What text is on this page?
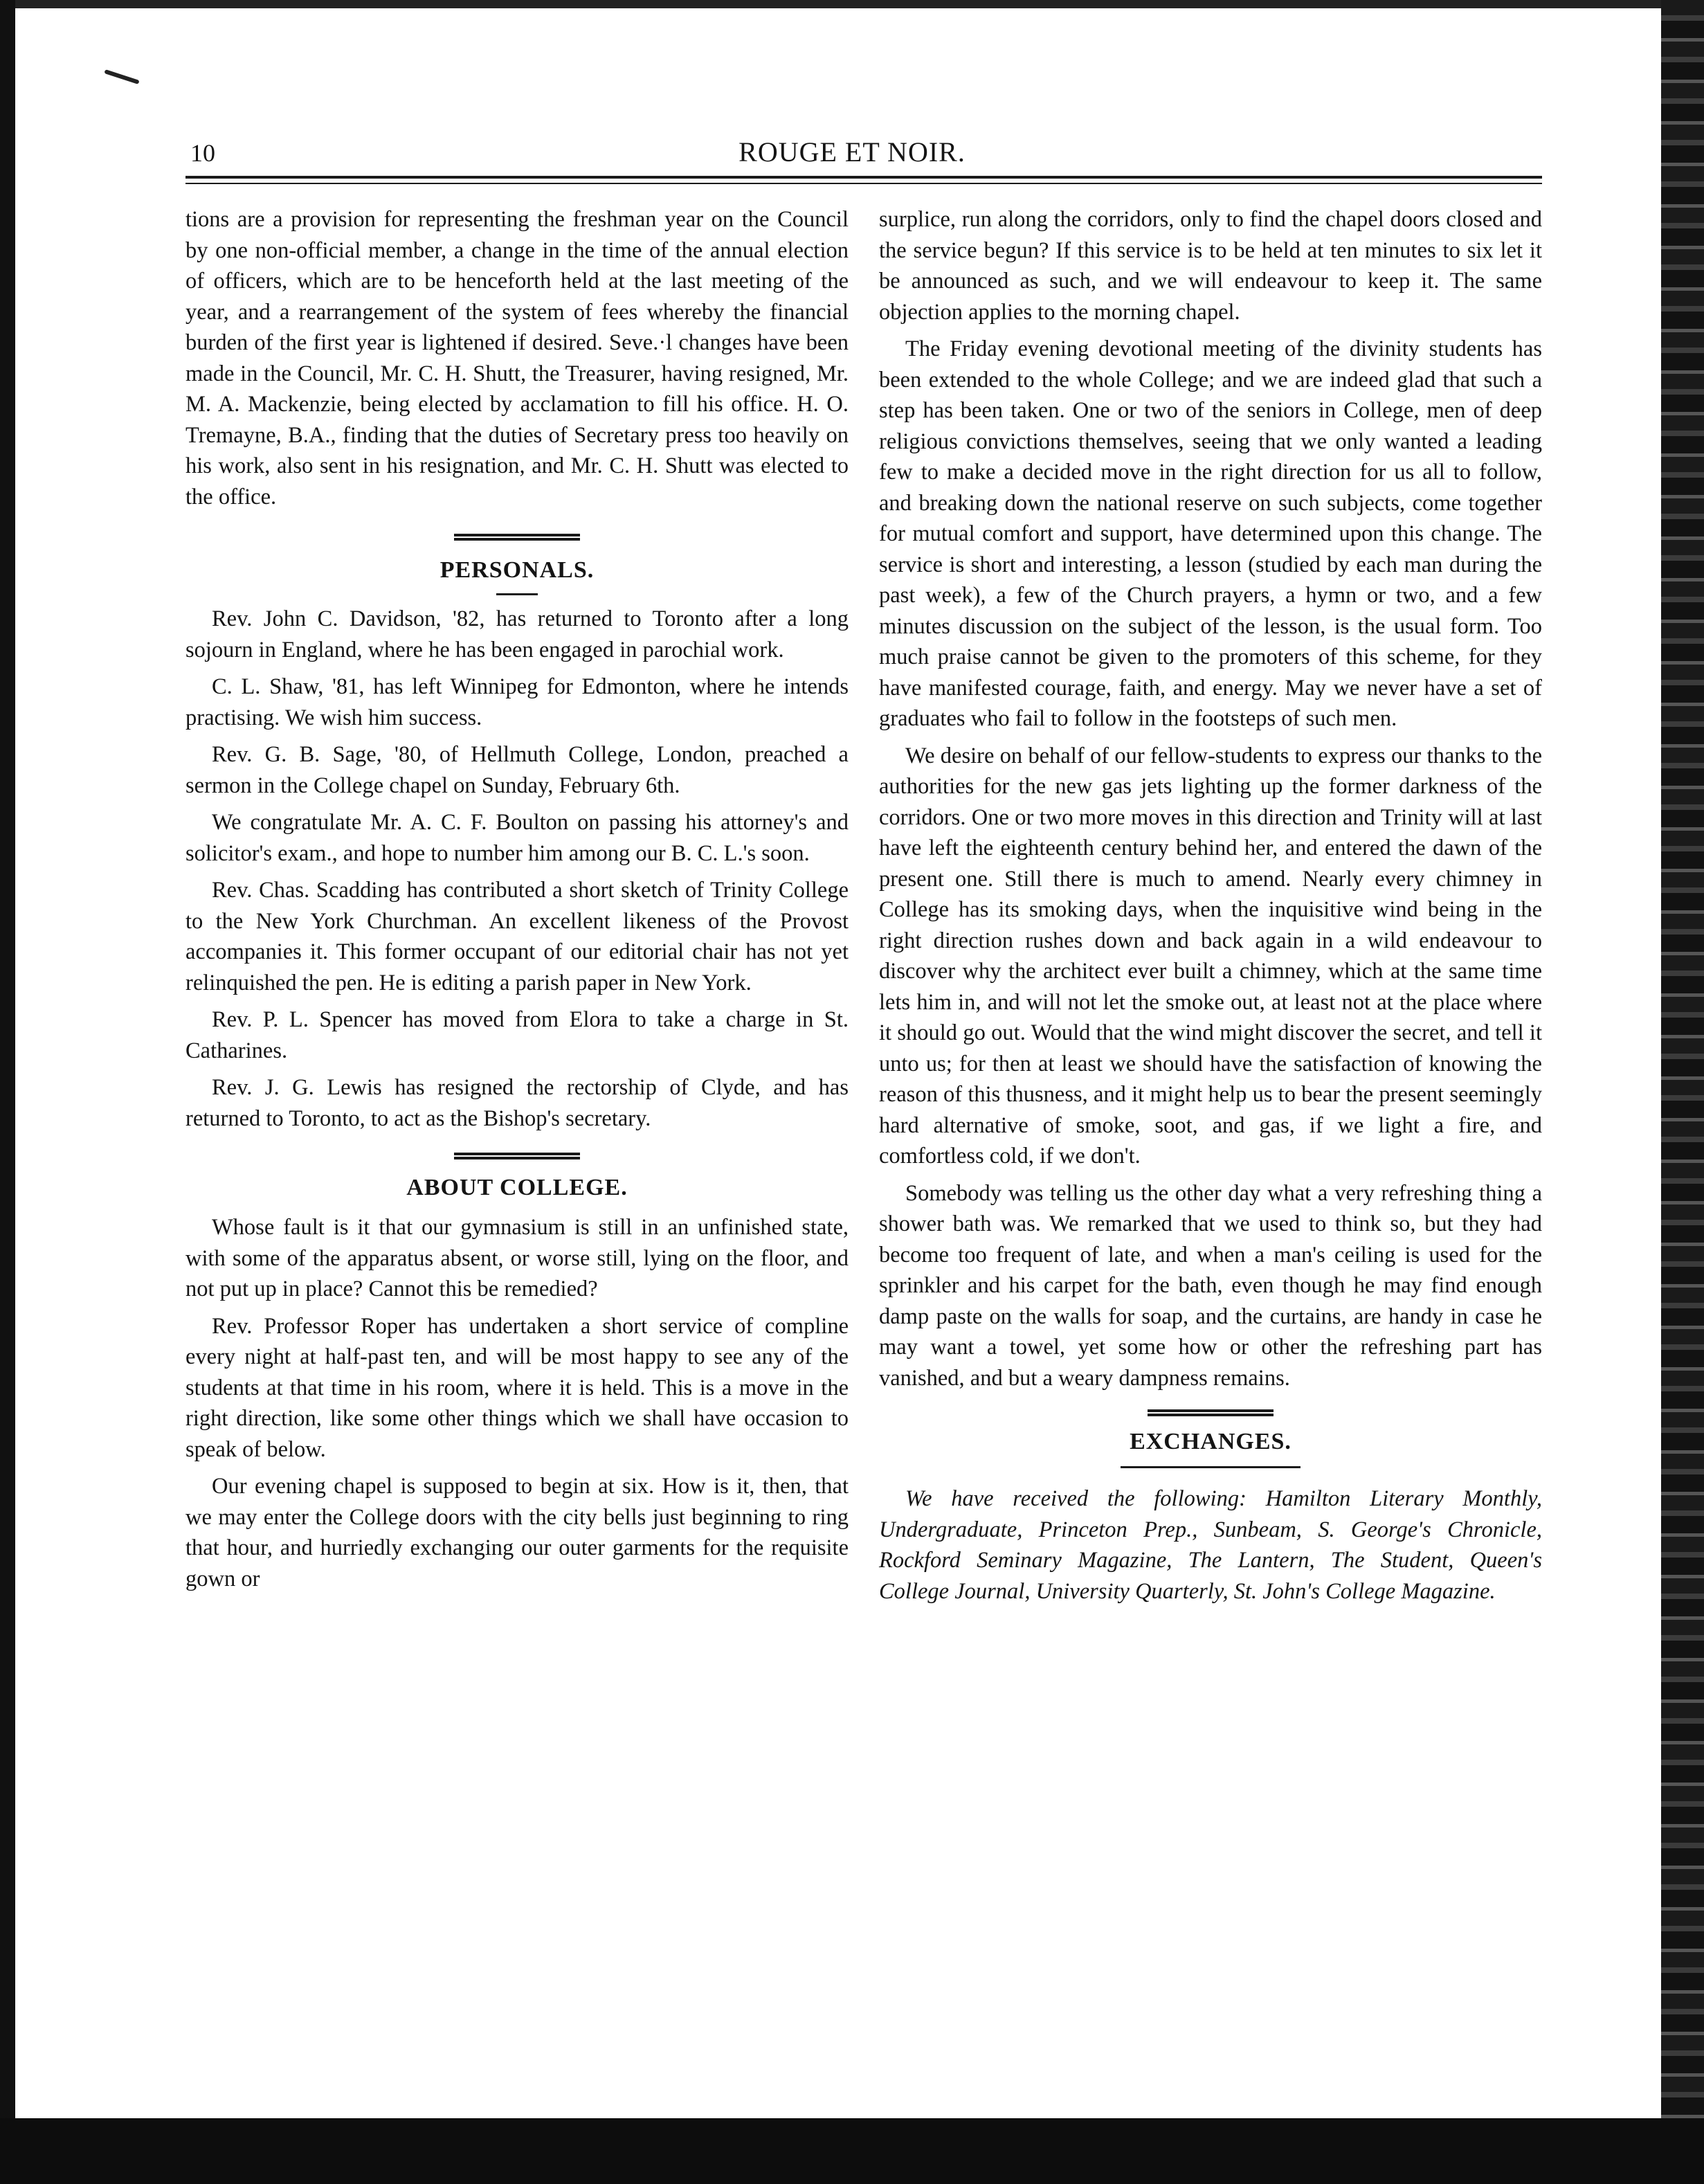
10	ROUGE ET NOIR.

tions are a provision for representing the freshman year on the Council by one non-official member, a change in the time of the annual election of officers, which are to be henceforth held at the last meeting of the year, and a rearrangement of the system of fees whereby the financial burden of the first year is lightened if desired. Seve.·l changes have been made in the Council, Mr. C. H. Shutt, the Treasurer, having resigned, Mr. M. A. Mackenzie, being elected by acclamation to fill his office. H. O. Tremayne, B.A., finding that the duties of Secretary press too heavily on his work, also sent in his resignation, and Mr. C. H. Shutt was elected to the office.

PERSONALS.

Rev. John C. Davidson, '82, has returned to Toronto after a long sojourn in England, where he has been engaged in parochial work.

C. L. Shaw, '81, has left Winnipeg for Edmonton, where he intends practising. We wish him success.

Rev. G. B. Sage, '80, of Hellmuth College, London, preached a sermon in the College chapel on Sunday, February 6th.

We congratulate Mr. A. C. F. Boulton on passing his attorney's and solicitor's exam., and hope to number him among our B. C. L.'s soon.

Rev. Chas. Scadding has contributed a short sketch of Trinity College to the New York Churchman. An excellent likeness of the Provost accompanies it. This former occupant of our editorial chair has not yet relinquished the pen. He is editing a parish paper in New York.

Rev. P. L. Spencer has moved from Elora to take a charge in St. Catharines.

Rev. J. G. Lewis has resigned the rectorship of Clyde, and has returned to Toronto, to act as the Bishop's secretary.

ABOUT COLLEGE.

Whose fault is it that our gymnasium is still in an unfinished state, with some of the apparatus absent, or worse still, lying on the floor, and not put up in place? Cannot this be remedied?

Rev. Professor Roper has undertaken a short service of compline every night at half-past ten, and will be most happy to see any of the students at that time in his room, where it is held. This is a move in the right direction, like some other things which we shall have occasion to speak of below.

Our evening chapel is supposed to begin at six. How is it, then, that we may enter the College doors with the city bells just beginning to ring that hour, and hurriedly exchanging our outer garments for the requisite gown or

surplice, run along the corridors, only to find the chapel doors closed and the service begun? If this service is to be held at ten minutes to six let it be announced as such, and we will endeavour to keep it. The same objection applies to the morning chapel.

The Friday evening devotional meeting of the divinity students has been extended to the whole College; and we are indeed glad that such a step has been taken. One or two of the seniors in College, men of deep religious convictions themselves, seeing that we only wanted a leading few to make a decided move in the right direction for us all to follow, and breaking down the national reserve on such subjects, come together for mutual comfort and support, have determined upon this change. The service is short and interesting, a lesson (studied by each man during the past week), a few of the Church prayers, a hymn or two, and a few minutes discussion on the subject of the lesson, is the usual form. Too much praise cannot be given to the promoters of this scheme, for they have manifested courage, faith, and energy. May we never have a set of graduates who fail to follow in the footsteps of such men.

We desire on behalf of our fellow-students to express our thanks to the authorities for the new gas jets lighting up the former darkness of the corridors. One or two more moves in this direction and Trinity will at last have left the eighteenth century behind her, and entered the dawn of the present one. Still there is much to amend. Nearly every chimney in College has its smoking days, when the inquisitive wind being in the right direction rushes down and back again in a wild endeavour to discover why the architect ever built a chimney, which at the same time lets him in, and will not let the smoke out, at least not at the place where it should go out. Would that the wind might discover the secret, and tell it unto us; for then at least we should have the satisfaction of knowing the reason of this thusness, and it might help us to bear the present seemingly hard alternative of smoke, soot, and gas, if we light a fire, and comfortless cold, if we don't.

Somebody was telling us the other day what a very refreshing thing a shower bath was. We remarked that we used to think so, but they had become too frequent of late, and when a man's ceiling is used for the sprinkler and his carpet for the bath, even though he may find enough damp paste on the walls for soap, and the curtains, are handy in case he may want a towel, yet some how or other the refreshing part has vanished, and but a weary dampness remains.

EXCHANGES.

We have received the following: Hamilton Literary Monthly, Undergraduate, Princeton Prep., Sunbeam, S. George's Chronicle, Rockford Seminary Magazine, The Lantern, The Student, Queen's College Journal, University Quarterly, St. John's College Magazine.
